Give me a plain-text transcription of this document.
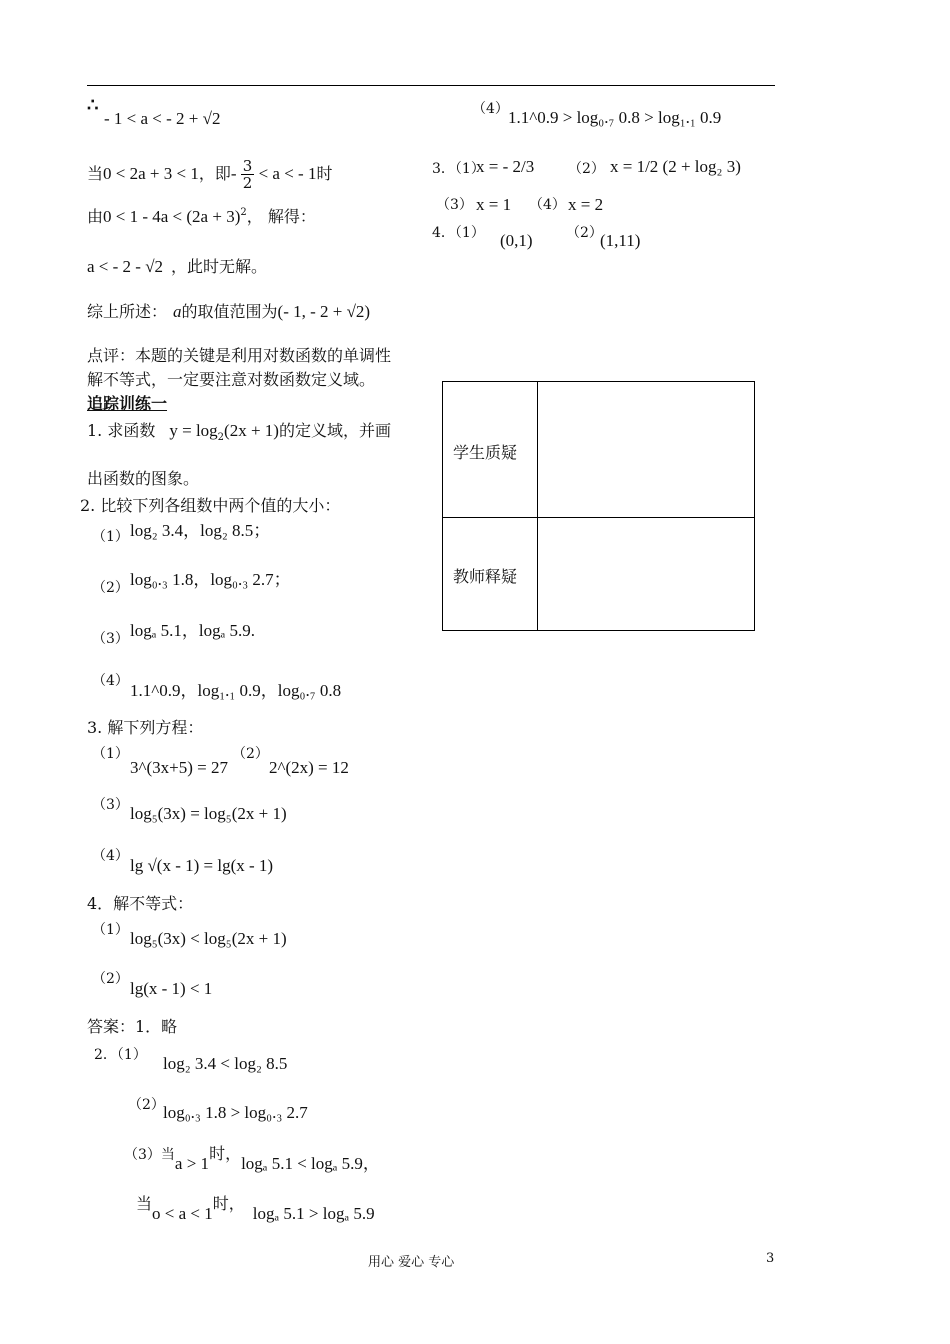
∴
- 1 < a < - 2 + √2
当0 < 2a + 3 < 1，即- $\frac{3}{2} < a$ < - 1时
由$0 < 1 - 4a < (2a + 3)^2$， 解得：
a < - 2 - √2 ，此时无解。
综上所述： a的取值范围为(- 1, - 2 + √2)
点评：本题的关键是利用对数函数的单调性
解不等式，一定要注意对数函数定义域。
追踪训练一
1. 求函数 $y = \log_2(2x + 1)$的定义域，并画
出函数的图象。
2. 比较下列各组数中两个值的大小：
（1） log₂ 3.4，log₂ 8.5；
（2） log₀.₃ 1.8，log₀.₃ 2.7；
（3） logₐ 5.1，logₐ 5.9.
（4） 1.1^0.9，log₁.₁ 0.9，log₀.₇ 0.8
3. 解下列方程：
（1）
3^(3x+5) = 27
（2）
2^(2x) = 12
（3） log₅(3x) = log₅(2x + 1)
（4） lg √(x - 1) = lg(x - 1)
4．解不等式：
（1） log₅(3x) < log₅(2x + 1)
（2） lg(x - 1) < 1
答案：1．略
2．（1） log₂ 3.4 < log₂ 8.5
（2）
log₀.₃ 1.8 > log₀.₃ 2.7
（3）当a > 1时，logₐ 5.1 < logₐ 5.9，
当o < a < 1时，logₐ 5.1 > logₐ 5.9
（4） 1.1^0.9 > log₀.₇ 0.8 > log₁.₁ 0.9
3．（1）
x = - 2/3 （2） x = 1/2 (2 + log₂ 3)
（3） x = 1 （4） x = 2
4．（1） (0,1) （2）
(1,11)
学生质疑
教师释疑
用心 爱心 专心	3
